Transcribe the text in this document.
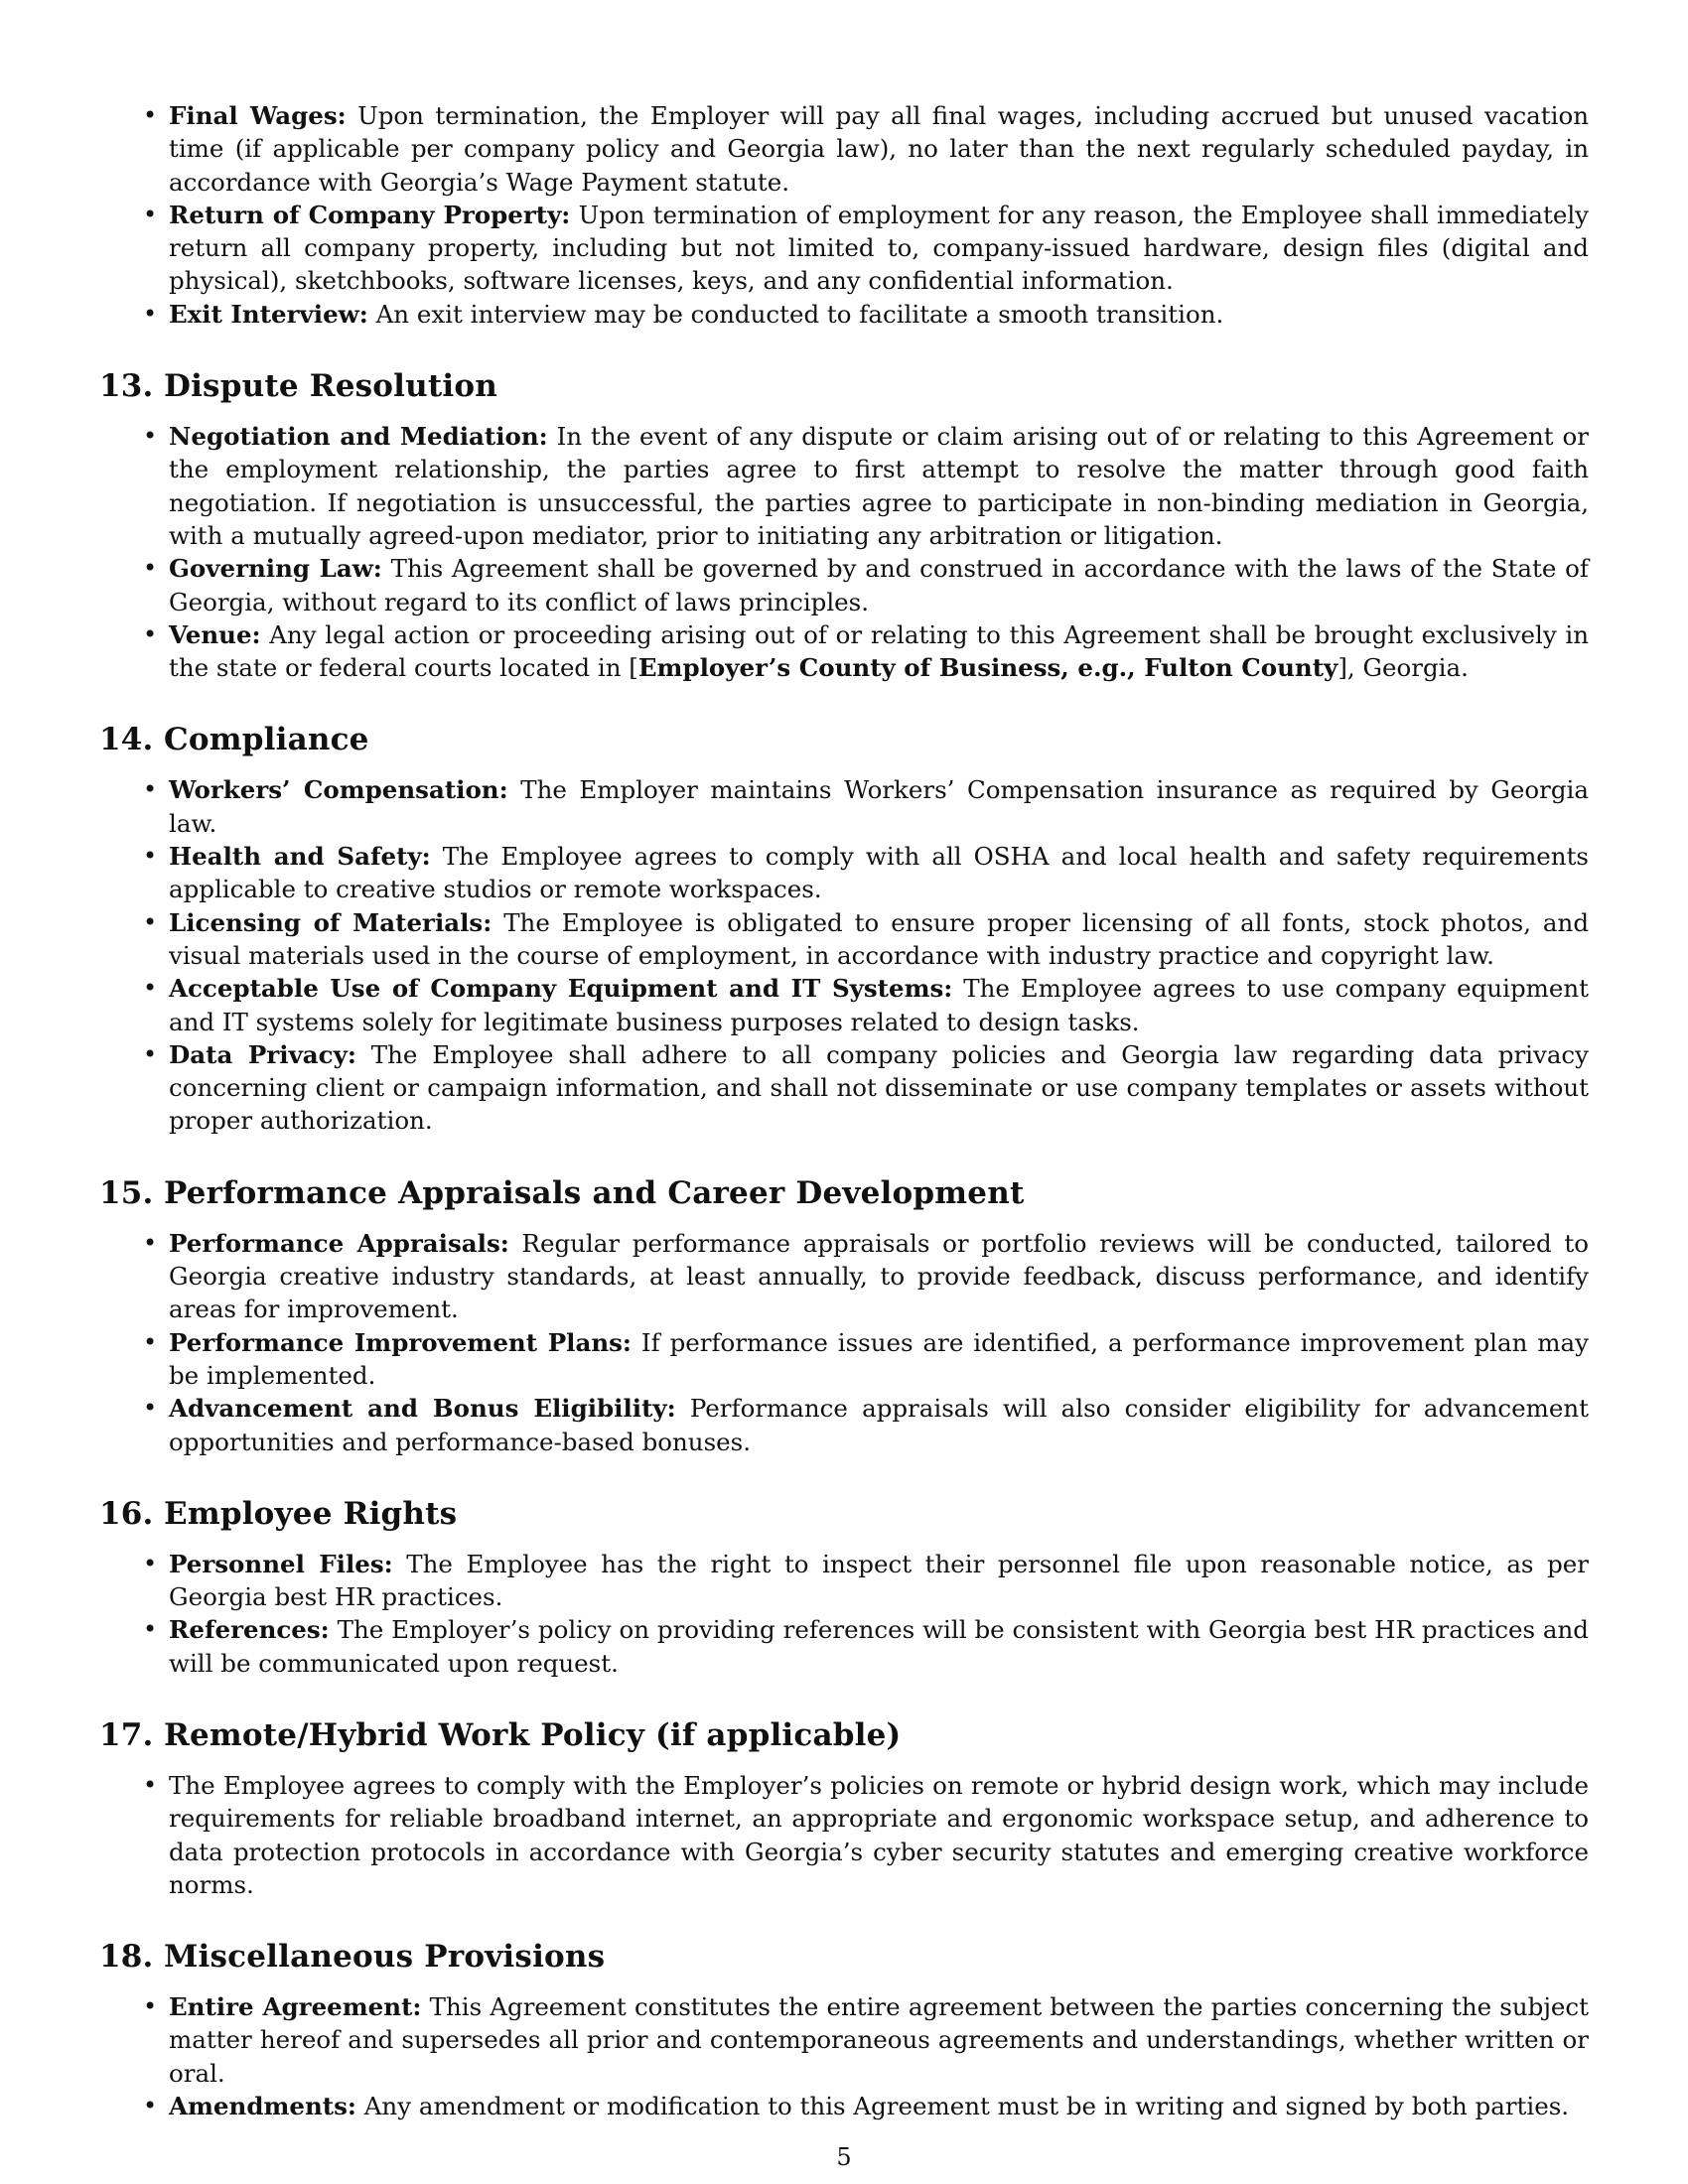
• Final Wages: Upon termination, the Employer will pay all final wages, including accrued but unused vacation time (if applicable per company policy and Georgia law), no later than the next regularly scheduled payday, in accordance with Georgia’s Wage Payment statute.
• Return of Company Property: Upon termination of employment for any reason, the Employee shall immediately return all company property, including but not limited to, company-issued hardware, design files (digital and physical), sketchbooks, software licenses, keys, and any confidential information.
• Exit Interview: An exit interview may be conducted to facilitate a smooth transition.
13. Dispute Resolution
• Negotiation and Mediation: In the event of any dispute or claim arising out of or relating to this Agreement or the employment relationship, the parties agree to first attempt to resolve the matter through good faith negotiation. If negotiation is unsuccessful, the parties agree to participate in non-binding mediation in Georgia, with a mutually agreed-upon mediator, prior to initiating any arbitration or litigation.
• Governing Law: This Agreement shall be governed by and construed in accordance with the laws of the State of Georgia, without regard to its conflict of laws principles.
• Venue: Any legal action or proceeding arising out of or relating to this Agreement shall be brought exclusively in the state or federal courts located in [Employer’s County of Business, e.g., Fulton County], Georgia.
14. Compliance
• Workers’ Compensation: The Employer maintains Workers’ Compensation insurance as required by Georgia law.
• Health and Safety: The Employee agrees to comply with all OSHA and local health and safety requirements applicable to creative studios or remote workspaces.
• Licensing of Materials: The Employee is obligated to ensure proper licensing of all fonts, stock photos, and visual materials used in the course of employment, in accordance with industry practice and copyright law.
• Acceptable Use of Company Equipment and IT Systems: The Employee agrees to use company equipment and IT systems solely for legitimate business purposes related to design tasks.
• Data Privacy: The Employee shall adhere to all company policies and Georgia law regarding data privacy concerning client or campaign information, and shall not disseminate or use company templates or assets without proper authorization.
15. Performance Appraisals and Career Development
• Performance Appraisals: Regular performance appraisals or portfolio reviews will be conducted, tailored to Georgia creative industry standards, at least annually, to provide feedback, discuss performance, and identify areas for improvement.
• Performance Improvement Plans: If performance issues are identified, a performance improvement plan may be implemented.
• Advancement and Bonus Eligibility: Performance appraisals will also consider eligibility for advancement opportunities and performance-based bonuses.
16. Employee Rights
• Personnel Files: The Employee has the right to inspect their personnel file upon reasonable notice, as per Georgia best HR practices.
• References: The Employer’s policy on providing references will be consistent with Georgia best HR practices and will be communicated upon request.
17. Remote/Hybrid Work Policy (if applicable)
• The Employee agrees to comply with the Employer’s policies on remote or hybrid design work, which may include requirements for reliable broadband internet, an appropriate and ergonomic workspace setup, and adherence to data protection protocols in accordance with Georgia’s cyber security statutes and emerging creative workforce norms.
18. Miscellaneous Provisions
• Entire Agreement: This Agreement constitutes the entire agreement between the parties concerning the subject matter hereof and supersedes all prior and contemporaneous agreements and understandings, whether written or oral.
• Amendments: Any amendment or modification to this Agreement must be in writing and signed by both parties.
5
